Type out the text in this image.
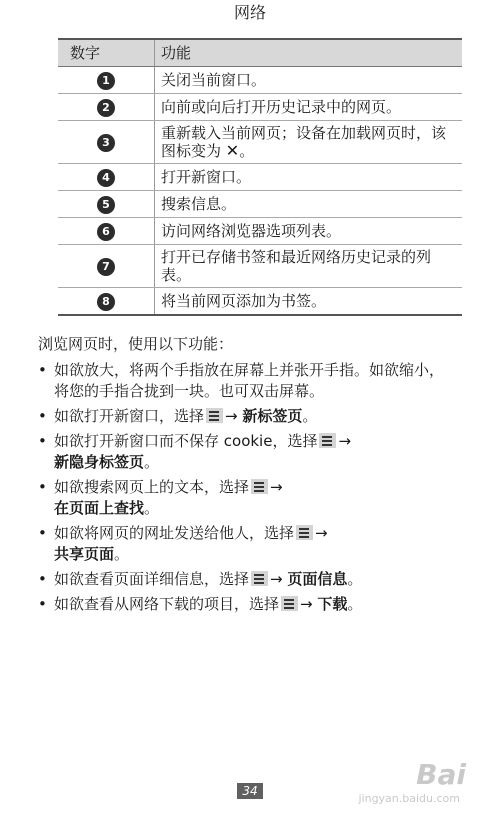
数字	功能
1	关闭当前窗口。
2	向前或向后打开历史记录中的网页。
3	重新载入当前网页；设备在加载网页时，该图标变为 ✕。
4	打开新窗口。
5	搜索信息。
6	访问网络浏览器选项列表。
7	打开已存储书签和最近网络历史记录的列表。
8	将当前网页添加为书签。
浏览网页时，使用以下功能：
• 如欲放大，将两个手指放在屏幕上并张开手指。如欲缩小，将您的手指合拢到一块。也可双击屏幕。
• 如欲打开新窗口，选择 → 新标签页。
• 如欲打开新窗口而不保存 cookie，选择 →
新隐身标签页。
• 如欲搜索网页上的文本，选择 →
在页面上查找。
• 如欲将网页的网址发送给他人，选择 →
共享页面。
• 如欲查看页面详细信息，选择 → 页面信息。
• 如欲查看从网络下载的项目，选择 → 下载。
网络
34	Bai
jingyan.baidu.com
